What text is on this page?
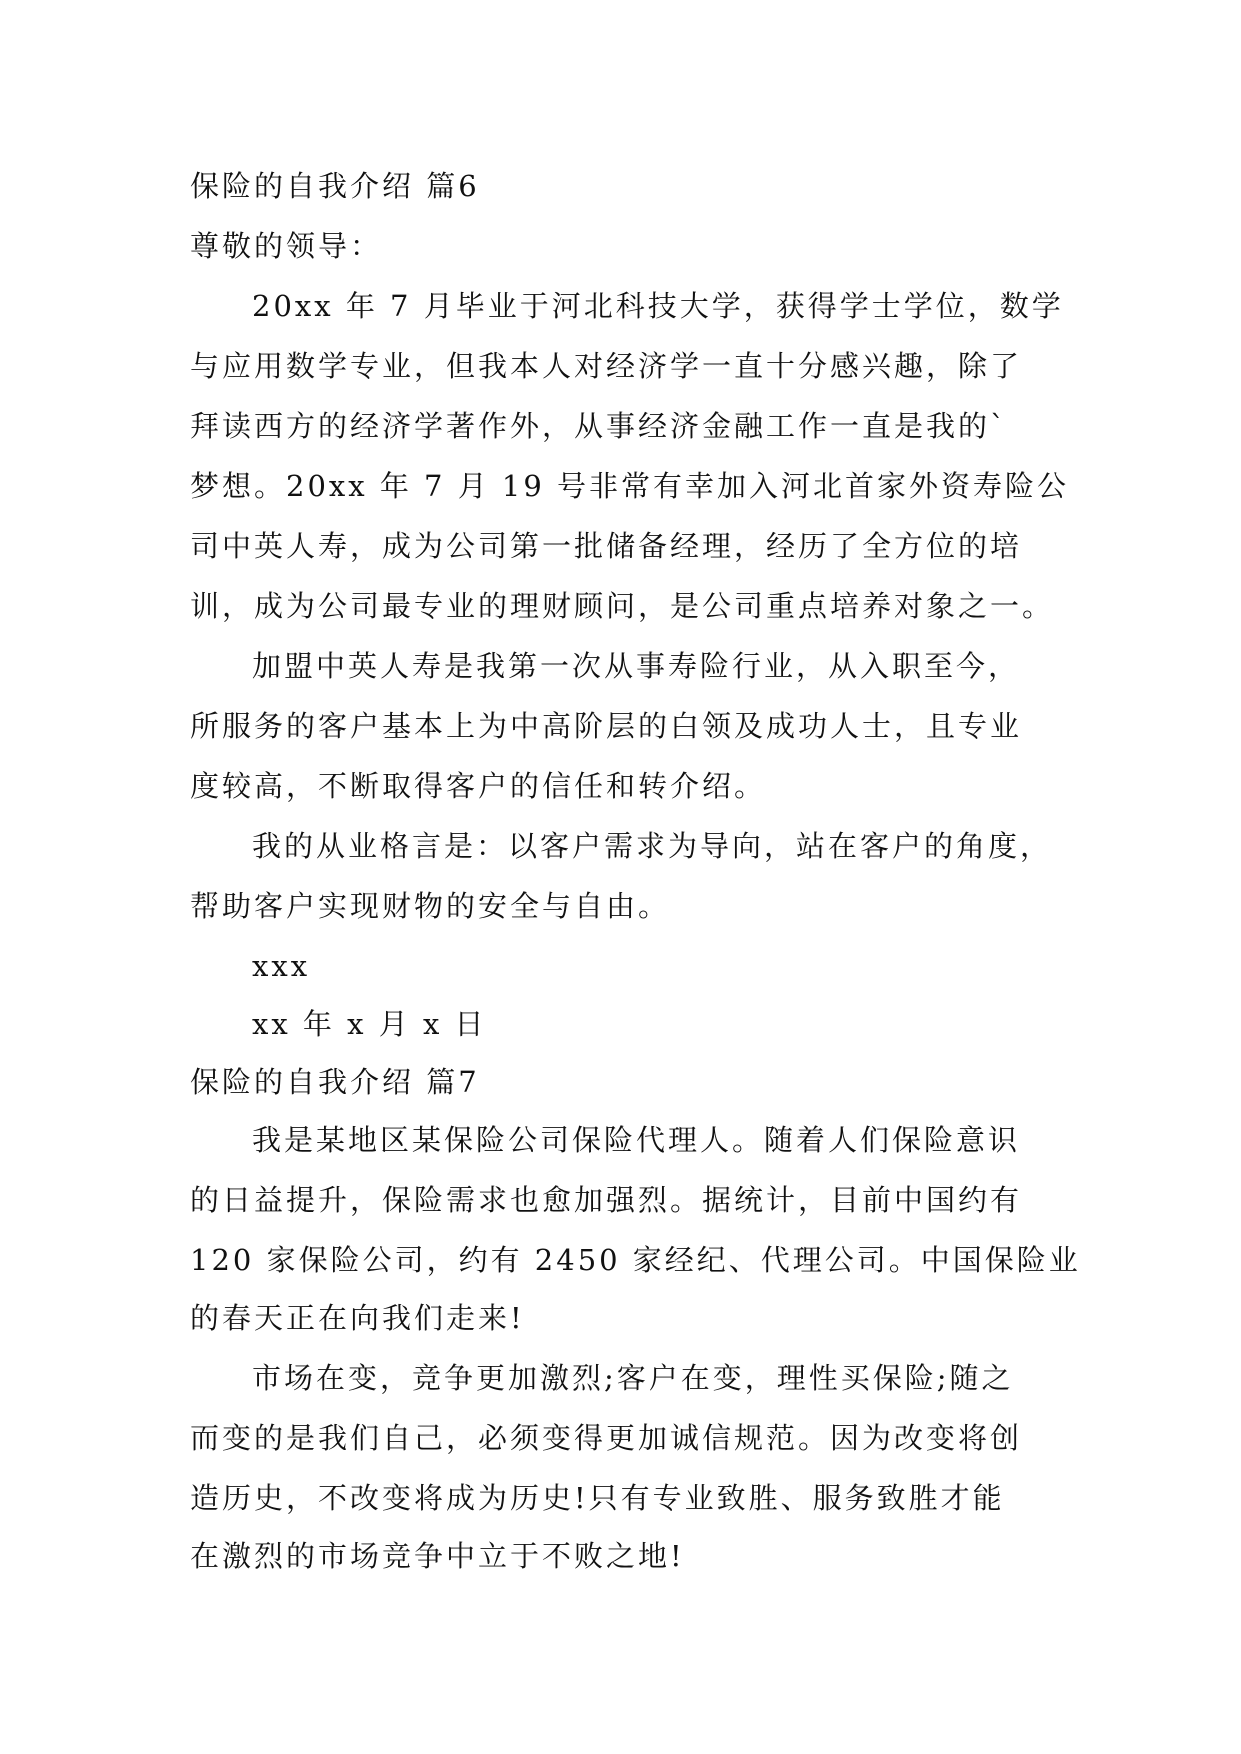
保险的自我介绍 篇6
尊敬的领导：
20xx 年 7 月毕业于河北科技大学，获得学士学位，数学
与应用数学专业，但我本人对经济学一直十分感兴趣，除了
拜读西方的经济学著作外，从事经济金融工作一直是我的`
梦想。20xx 年 7 月 19 号非常有幸加入河北首家外资寿险公
司中英人寿，成为公司第一批储备经理，经历了全方位的培
训，成为公司最专业的理财顾问，是公司重点培养对象之一。
加盟中英人寿是我第一次从事寿险行业，从入职至今，
所服务的客户基本上为中高阶层的白领及成功人士，且专业
度较高，不断取得客户的信任和转介绍。
我的从业格言是：以客户需求为导向，站在客户的角度，
帮助客户实现财物的安全与自由。
xxx
xx 年 x 月 x 日
保险的自我介绍 篇7
我是某地区某保险公司保险代理人。随着人们保险意识
的日益提升，保险需求也愈加强烈。据统计，目前中国约有
120 家保险公司，约有 2450 家经纪、代理公司。中国保险业
的春天正在向我们走来!
市场在变，竞争更加激烈;客户在变，理性买保险;随之
而变的是我们自己，必须变得更加诚信规范。因为改变将创
造历史，不改变将成为历史!只有专业致胜、服务致胜才能
在激烈的市场竞争中立于不败之地!
